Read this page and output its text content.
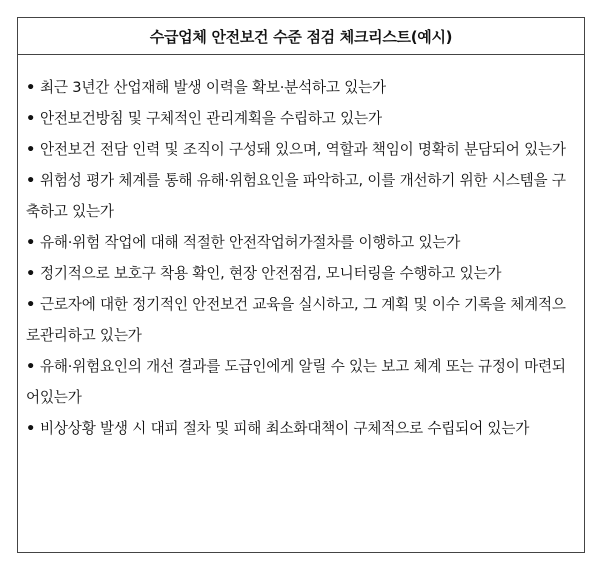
수급업체 안전보건 수준 점검 체크리스트(예시)
• 최근 3년간 산업재해 발생 이력을 확보·분석하고 있는가
• 안전보건방침 및 구체적인 관리계획을 수립하고 있는가
• 안전보건 전담 인력 및 조직이 구성돼 있으며, 역할과 책임이 명확히 분담되어 있는가
• 위험성 평가 체계를 통해 유해·위험요인을 파악하고, 이를 개선하기 위한 시스템을 구축하고 있는가
• 유해·위험 작업에 대해 적절한 안전작업허가절차를 이행하고 있는가
• 정기적으로 보호구 착용 확인, 현장 안전점검, 모니터링을 수행하고 있는가
• 근로자에 대한 정기적인 안전보건 교육을 실시하고, 그 계획 및 이수 기록을 체계적으로관리하고 있는가
• 유해·위험요인의 개선 결과를 도급인에게 알릴 수 있는 보고 체계 또는 규정이 마련되어있는가
• 비상상황 발생 시 대피 절차 및 피해 최소화대책이 구체적으로 수립되어 있는가
